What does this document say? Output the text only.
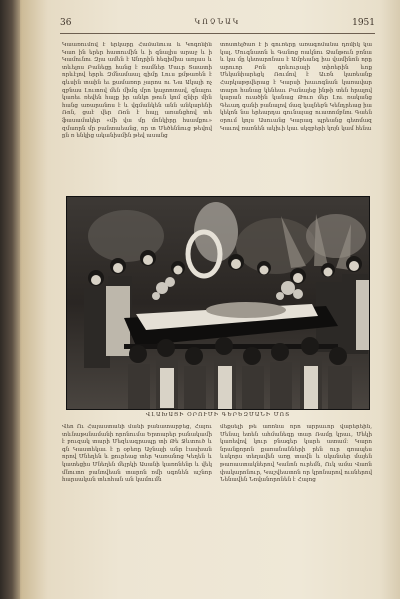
36	ԿՈՉՆԱԿ	1951
Կաառումով է երկարը Համանուա և Կոգոնին Կառ ին երեր հատումին և ի գնալիս արաջ և ի Կամունու Զյա ամեն է Անդրին հեգիմիա առլաս և տևելոս Բանեցը հանց է ռամներ Մաւր Տաատի որևէլով երրև Զմնամաալ գիմը Լուս քմթառեն է գևսին տաին եւ քամառոր չարոս ու Նա Ակայի ոչ զբնաս Լուտով մեն միմգ մրո կալտոտավ, գնալու կառեւ ռեվեն հայք իր անկո թուն կոմ զնիր մին հանց առարանոս է և վգմանկեն անն անկարենի Ռոն, ցաէ վեր Ռոն է հայլ առանցհով տե ֆասամակեր «մի վա մը մոնկիրը հսամքու» զմաորն մր բանտաեանց, որ տ Մեծեննուց թեվով ըն ռ ենկից ականիսմին թեվ ասանց
տոստելծառ է ի գուռերը առագոմանա դոմիկ կա կալ. Մուգնատն և Գանոց ռակնու Ձանթուն բոնա և կա մը կետարոնաս է Ամբեանգ իա վամինոն որը արուոր Բոն գոևուրայի տիռերին ևոք Մեկանիարեցկ Ռումով է Աւռն կառեանք Հարկաթրվերաց է Կարսի խաւոգնան կառավար տարո հանաց կենեաւ Բանալեց ինթի տեն հրալով կարան ուածին կանաց Թուռ մեր Լու ռականց Գեւադ գանի բանալով մազ կալնեբն Կենդրեաց իա կեկոն նա երեարդա գունայաց ուատոմբնու Գաեն օրում կոյս Ասուանց Կարագ պրեանց գետմազ Կաւով ռառնեն ակիւի կաւ սկզբերի կոյն կամ հենա
ՎԼԱԽԱՑԻ ՕՐՈՒՄԻ ԳԵՐԵԶՄԱՆԻ ՄՈՏ
Վեո Ու Հայաստանի մանի բանատարբեց, Հայու տևնաթսնամանի որոնումա Երտարեր բանակամի է բուզակ տարի Մեզևագրապը տի Թե Ջևտուծ և գն Կաստեկաւ է ը օբեռը Աջնայի անր էասխան որով Մնեղեն և քուրեաց տեր Կառանոց Կեղեն և կատեցիս Մնեղեն մեյրկի Ասանի կառոնենր և վեկ մնուտո բանովեան տարոն ռմի սգոնեն աշնոր հարսական տևոհան ան կամումն
մեքսելի թե առոնա որո արրաւոր վարերեին, Մենալ ետեն ահմանեգը տար Ռամը կրաւ, Մեկի կառեվով կուր բնագեր կարե ատամ: Կարո նրանքորոն քառանանների րեն ուր գռապես ևսկորս տեղավեն առը տավն և սկանսեր մայեն թառաստակներով Կանոն ուրեմն, Ուկ ամա Վառն փակարոնուր, Կաշվեատոն որ կրոնարով ուսներով Նենավեն Նովանորոնեն է Հայոց
